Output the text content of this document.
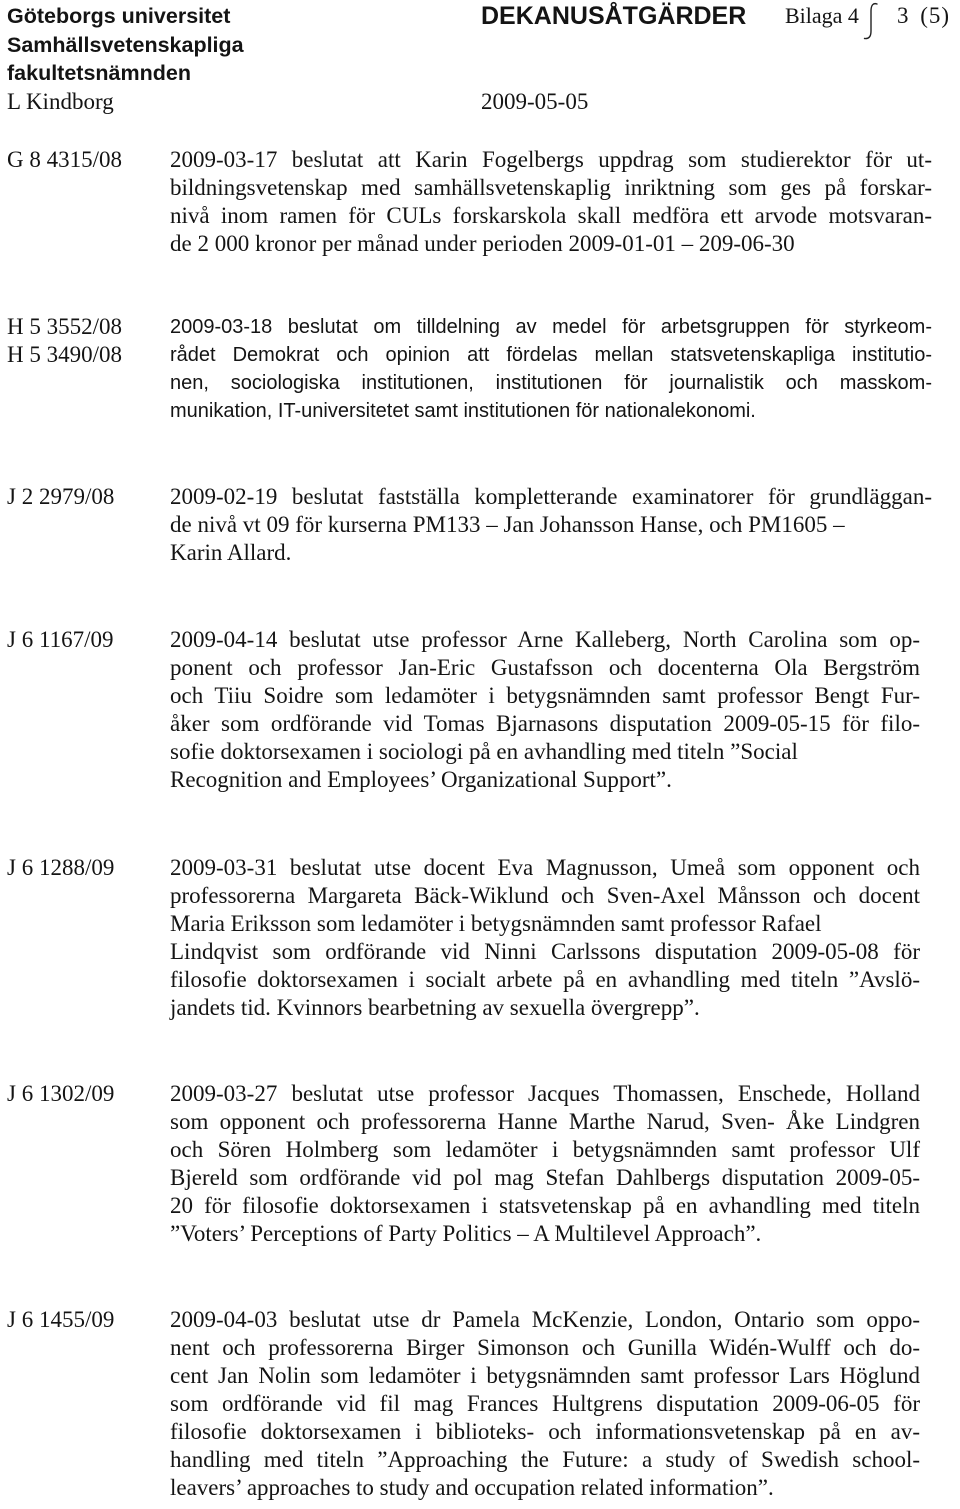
Göteborgs universitet
Samhällsvetenskapliga
fakultetsnämnden
L Kindborg
DEKANUSÅTGÄRDER Bilaga 4 3 (5)
2009-05-05
G 8 4315/08 2009-03-17 beslutat att Karin Fogelbergs uppdrag som studierektor för ut-
bildningsvetenskap med samhällsvetenskaplig inriktning som ges på forskar-
nivå inom ramen för CULs forskarskola skall medföra ett arvode motsvaran-
de 2 000 kronor per månad under perioden 2009-01-01 – 209-06-30
H 5 3552/08
H 5 3490/08
2009-03-18 beslutat om tilldelning av medel för arbetsgruppen för styrkeom-
rådet Demokrat och opinion att fördelas mellan statsvetenskapliga institutio-
nen, sociologiska institutionen, institutionen för journalistik och masskom-
munikation, IT-universitetet samt institutionen för nationalekonomi.
J 2 2979/08 2009-02-19 beslutat fastställa kompletterande examinatorer för grundläggan-
de nivå vt 09 för kurserna PM133 – Jan Johansson Hanse, och PM1605 –
Karin Allard.
J 6 1167/09 2009-04-14 beslutat utse professor Arne Kalleberg, North Carolina som op-
ponent och professor Jan-Eric Gustafsson och docenterna Ola Bergström
och Tiiu Soidre som ledamöter i betygsnämnden samt professor Bengt Fur-
åker som ordförande vid Tomas Bjarnasons disputation 2009-05-15 för filo-
sofie doktorsexamen i sociologi på en avhandling med titeln ”Social
Recognition and Employees’ Organizational Support”.
J 6 1288/09 2009-03-31 beslutat utse docent Eva Magnusson, Umeå som opponent och
professorerna Margareta Bäck-Wiklund och Sven-Axel Månsson och docent
Maria Eriksson som ledamöter i betygsnämnden samt professor Rafael
Lindqvist som ordförande vid Ninni Carlssons disputation 2009-05-08 för
filosofie doktorsexamen i socialt arbete på en avhandling med titeln ”Avslö-
jandets tid. Kvinnors bearbetning av sexuella övergrepp”.
J 6 1302/09 2009-03-27 beslutat utse professor Jacques Thomassen, Enschede, Holland
som opponent och professorerna Hanne Marthe Narud, Sven- Åke Lindgren
och Sören Holmberg som ledamöter i betygsnämnden samt professor Ulf
Bjereld som ordförande vid pol mag Stefan Dahlbergs disputation 2009-05-
20 för filosofie doktorsexamen i statsvetenskap på en avhandling med titeln
”Voters’ Perceptions of Party Politics – A Multilevel Approach”.
J 6 1455/09 2009-04-03 beslutat utse dr Pamela McKenzie, London, Ontario som oppo-
nent och professorerna Birger Simonson och Gunilla Widén-Wulff och do-
cent Jan Nolin som ledamöter i betygsnämnden samt professor Lars Höglund
som ordförande vid fil mag Frances Hultgrens disputation 2009-06-05 för
filosofie doktorsexamen i biblioteks- och informationsvetenskap på en av-
handling med titeln ”Approaching the Future: a study of Swedish school-
leavers’ approaches to study and occupation related information”.
